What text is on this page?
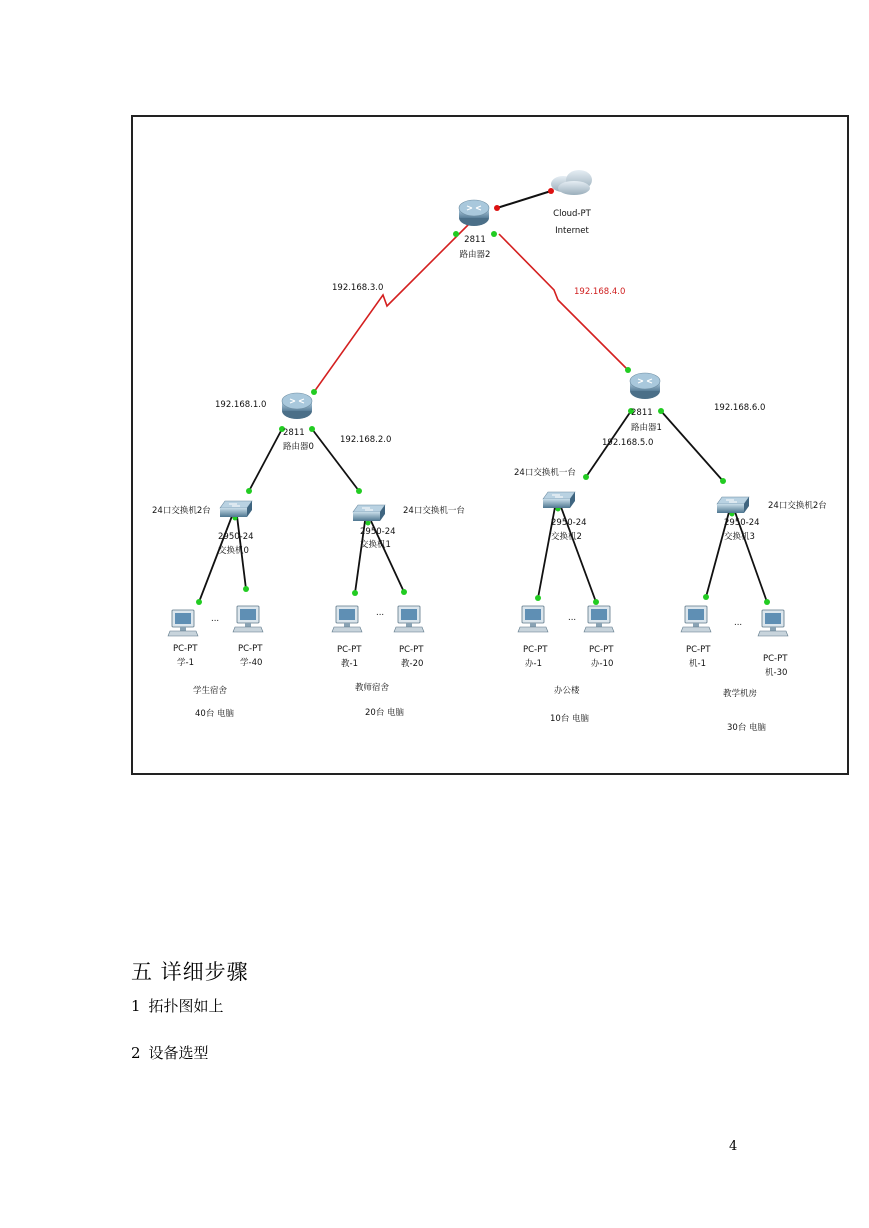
Cloud-PT
Internet
2811
路由器2
2811
路由器0
2811
路由器1
192.168.3.0	192.168.4.0
192.168.1.0
192.168.2.0	192.168.5.0
192.168.6.0
24口交换机2台
2950-24
交换机0
24口交换机一台
2950-24
交换机1
24口交换机一台
2950-24
交换机2
24口交换机2台
2950-24
交换机3
...
PC-PT
学-1
PC-PT
学-40
学生宿舍
40台 电脑
...
PC-PT
教-1
PC-PT
教-20
教师宿舍
20台 电脑
...
PC-PT
办-1
PC-PT
办-10
办公楼
10台 电脑
...
PC-PT
机-1	PC-PT
机-30
教学机房
30台 电脑
五 详细步骤
1 拓扑图如上
2 设备选型
4
